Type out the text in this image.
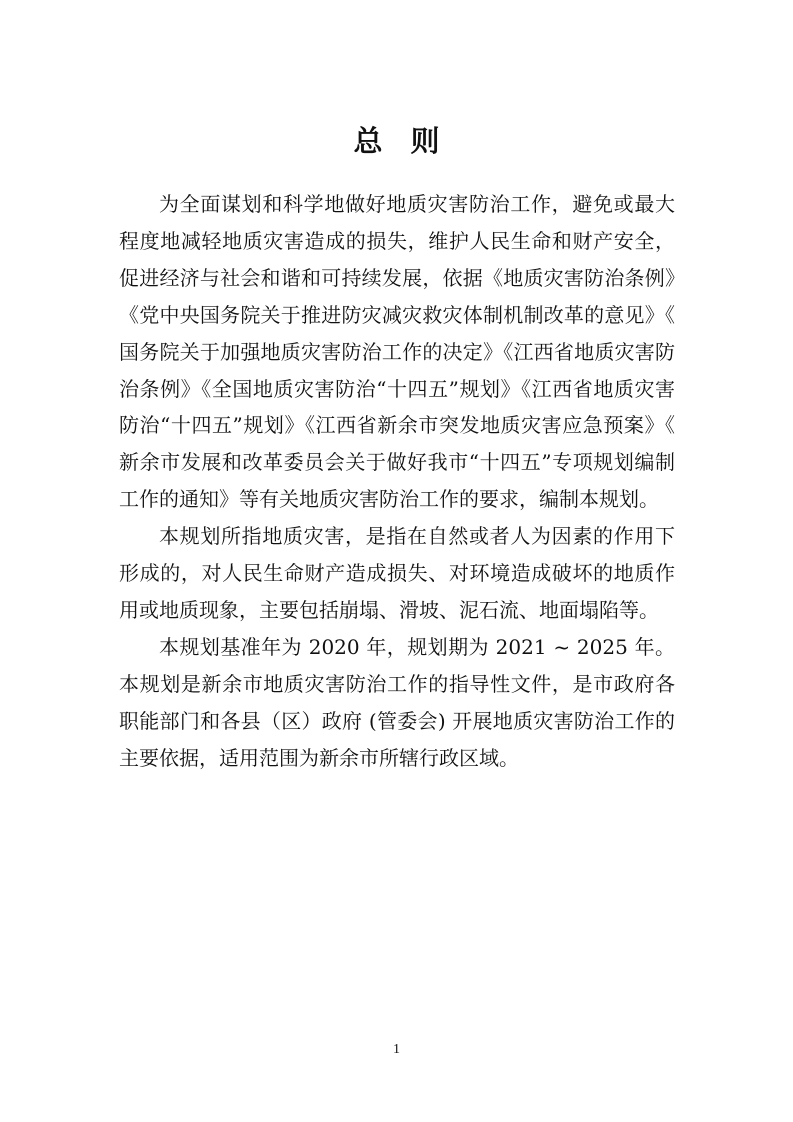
总则

为全面谋划和科学地做好地质灾害防治工作，避免或最大程度地减轻地质灾害造成的损失，维护人民生命和财产安全，促进经济与社会和谐和可持续发展，依据《地质灾害防治条例》《党中央国务院关于推进防灾减灾救灾体制机制改革的意见》《国务院关于加强地质灾害防治工作的决定》《江西省地质灾害防治条例》《全国地质灾害防治“十四五”规划》《江西省地质灾害防治“十四五”规划》《江西省新余市突发地质灾害应急预案》《新余市发展和改革委员会关于做好我市“十四五”专项规划编制工作的通知》等有关地质灾害防治工作的要求，编制本规划。

本规划所指地质灾害，是指在自然或者人为因素的作用下形成的，对人民生命财产造成损失、对环境造成破坏的地质作用或地质现象，主要包括崩塌、滑坡、泥石流、地面塌陷等。

本规划基准年为 2020 年，规划期为 2021 ~ 2025 年。本规划是新余市地质灾害防治工作的指导性文件，是市政府各职能部门和各县（区）政府 (管委会) 开展地质灾害防治工作的主要依据，适用范围为新余市所辖行政区域。

1
